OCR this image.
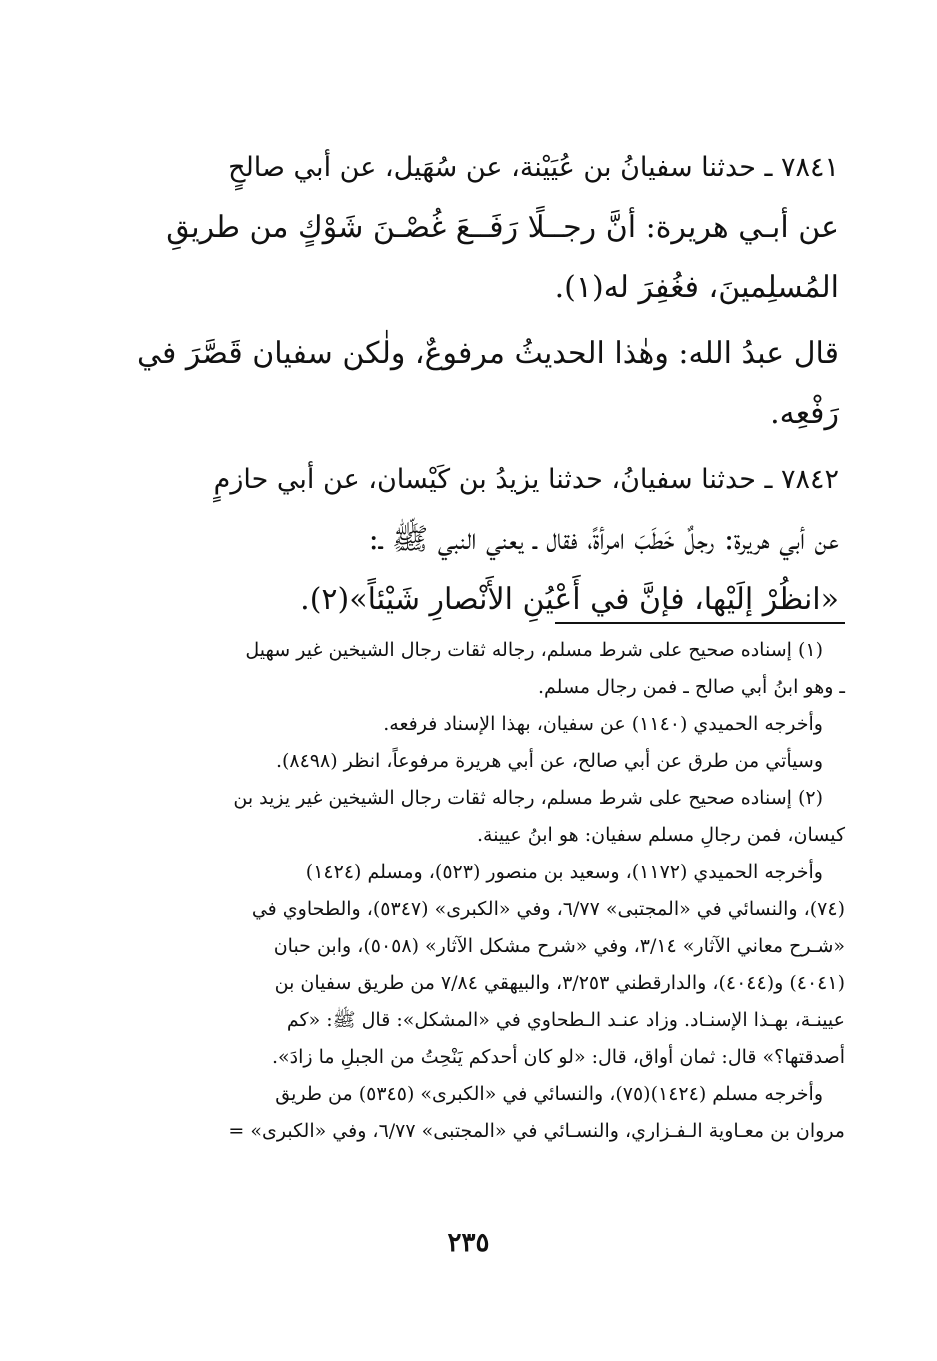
٧٨٤١ ـ حدثنا سفيانُ بن عُيَيْنة، عن سُهَيل، عن أبي صالحٍ
عن أبـي هريرة: أنَّ رجــلًا رَفَــعَ غُصْـنَ شَوْكٍ من طريقِ
المُسلِمينَ، فغُفِرَ له(١).
قال عبدُ الله: وهٰذا الحديثُ مرفوعٌ، ولٰكن سفيان قَصَّرَ في
رَفْعِه.
٧٨٤٢ ـ حدثنا سفيانُ، حدثنا يزيدُ بن كَيْسان، عن أبي حازمٍ
عن أبي هريرة: رجلٌ خَطَبَ امرأةً، فقال ـ يعني النبي ﷺ ـ:
«انظُرْ إلَيْها، فإنَّ في أَعْيُنِ الأَنْصارِ شَيْئاً»(٢).
(١) إسناده صحيح على شرط مسلم، رجاله ثقات رجال الشيخين غير سهيل
ـ وهو ابنُ أبي صالح ـ فمن رجال مسلم.
وأخرجه الحميدي (١١٤٠) عن سفيان، بهذا الإسناد فرفعه.
وسيأتي من طرق عن أبي صالح، عن أبي هريرة مرفوعاً، انظر (٨٤٩٨).
(٢) إسناده صحيح على شرط مسلم، رجاله ثقات رجال الشيخين غير يزيد بن
كيسان، فمن رجالِ مسلم سفيان: هو ابنُ عيينة.
وأخرجه الحميدي (١١٧٢)، وسعيد بن منصور (٥٢٣)، ومسلم (١٤٢٤)
(٧٤)، والنسائي في «المجتبى» ٦/٧٧، وفي «الكبرى» (٥٣٤٧)، والطحاوي في
«شـرح معاني الآثار» ٣/١٤، وفي «شرح مشكل الآثار» (٥٠٥٨)، وابن حبان
(٤٠٤١) و(٤٠٤٤)، والدارقطني ٣/٢٥٣، والبيهقي ٧/٨٤ من طريق سفيان بن
عيينـة، بهـذا الإسنـاد. وزاد عنـد الـطحاوي في «المشكل»: قال ﷺ: «كم
أصدقتها؟» قال: ثمان أواق، قال: «لو كان أحدكم يَنْحِتُ من الجبلِ ما زادَ».
وأخرجه مسلم (١٤٢٤)(٧٥)، والنسائي في «الكبرى» (٥٣٤٥) من طريق
مروان بن معـاوية الـفـزاري، والنسـائي في «المجتبى» ٦/٧٧، وفي «الكبرى» =
٢٣٥
